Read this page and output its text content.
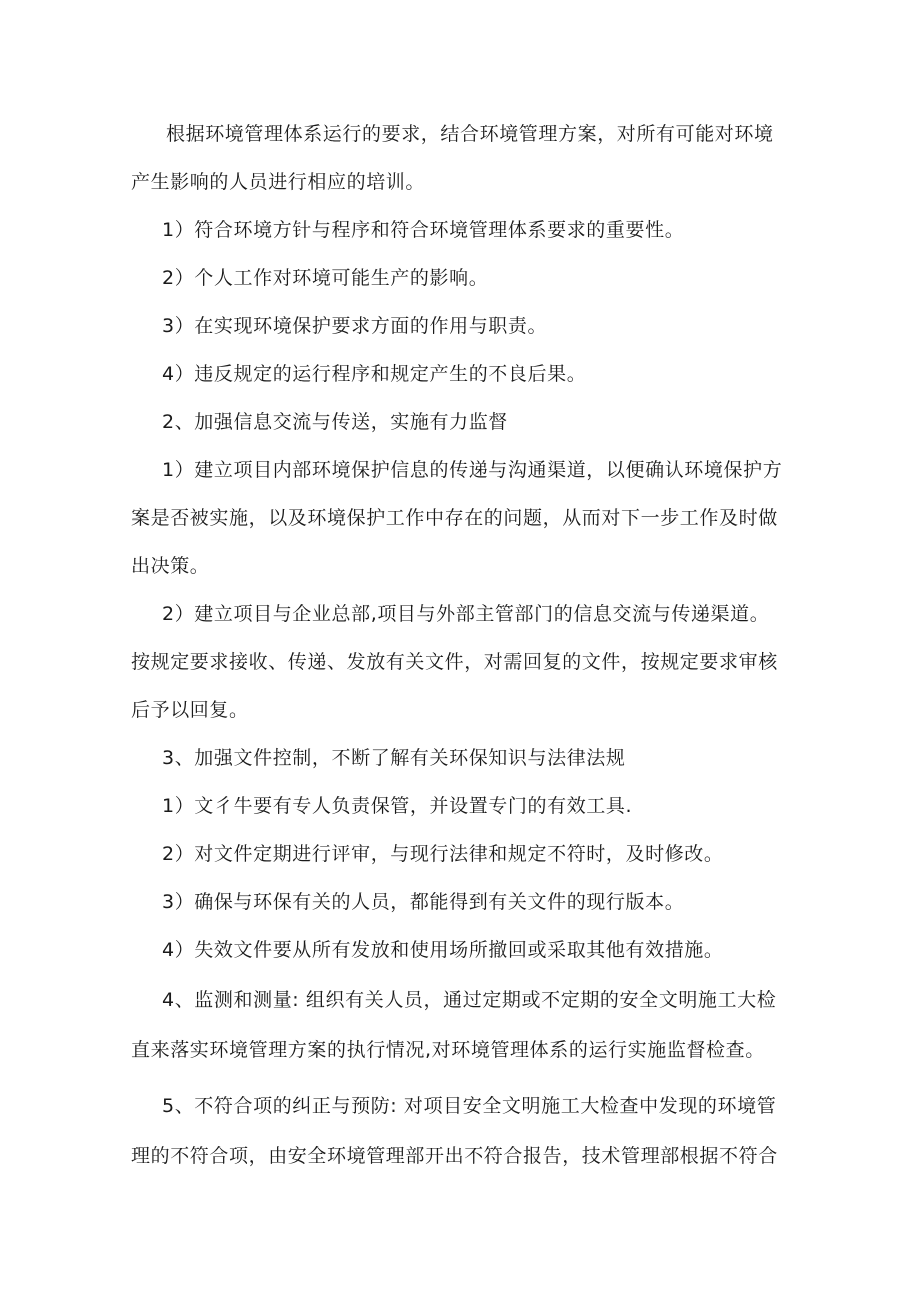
根据环境管理体系运行的要求，结合环境管理方案，对所有可能对环境
产生影响的人员进行相应的培训。
1）符合环境方针与程序和符合环境管理体系要求的重要性。
2）个人工作对环境可能生产的影响。
3）在实现环境保护要求方面的作用与职责。
4）违反规定的运行程序和规定产生的不良后果。
2、加强信息交流与传送，实施有力监督
1）建立项目内部环境保护信息的传递与沟通渠道，以便确认环境保护方
案是否被实施，以及环境保护工作中存在的问题，从而对下一步工作及时做
出决策。
2）建立项目与企业总部,项目与外部主管部门的信息交流与传递渠道。
按规定要求接收、传递、发放有关文件，对需回复的文件，按规定要求审核
后予以回复。
3、加强文件控制，不断了解有关环保知识与法律法规
1）文彳牛要有专人负责保管，并设置专门的有效工具.
2）对文件定期进行评审，与现行法律和规定不符时，及时修改。
3）确保与环保有关的人员，都能得到有关文件的现行版本。
4）失效文件要从所有发放和使用场所撤回或采取其他有效措施。
4、监测和测量: 组织有关人员，通过定期或不定期的安全文明施工大检
直来落实环境管理方案的执行情况,对环境管理体系的运行实施监督检查。
5、不符合项的纠正与预防: 对项目安全文明施工大检查中发现的环境管
理的不符合项，由安全环境管理部开出不符合报告，技术管理部根据不符合
